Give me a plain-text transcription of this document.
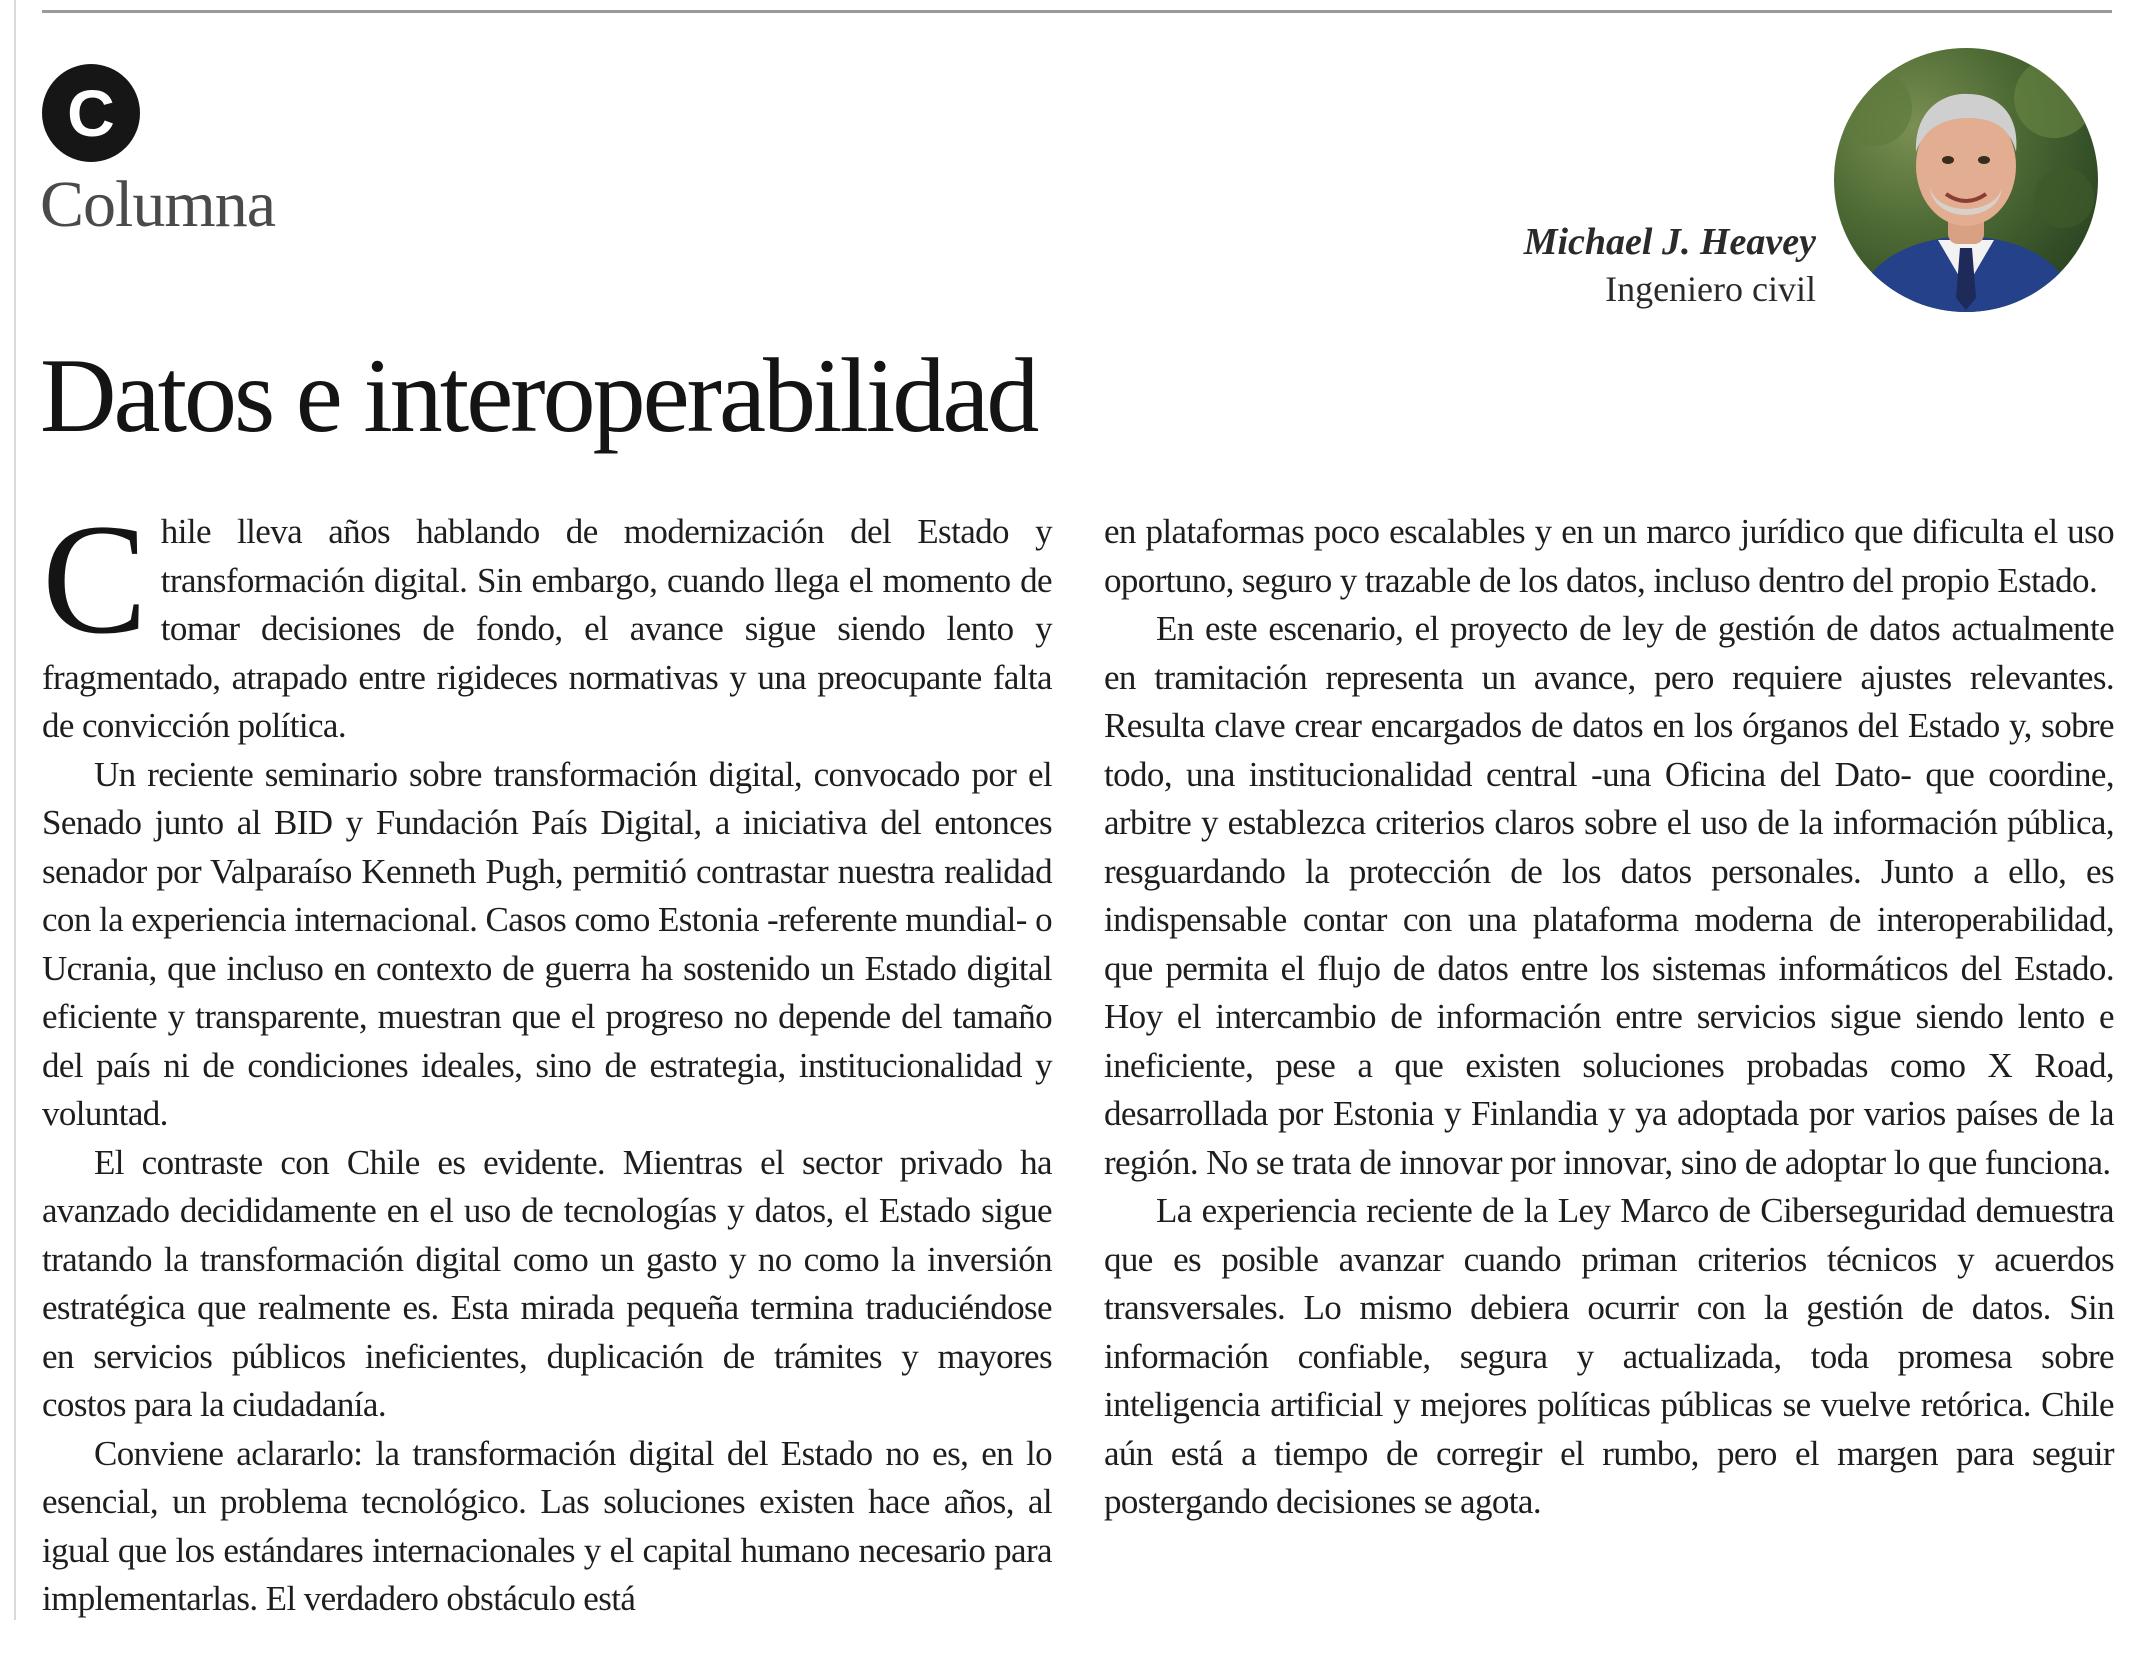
C
Columna
Michael J. Heavey
Ingeniero civil
Datos e interoperabilidad

Chile lleva años hablando de modernización del Estado y transformación digital. Sin embargo, cuando llega el momento de tomar decisiones de fondo, el avance sigue siendo lento y fragmentado, atrapado entre rigideces normativas y una preocupante falta de convicción política.

Un reciente seminario sobre transformación digital, convocado por el Senado junto al BID y Fundación País Digital, a iniciativa del entonces senador por Valparaíso Kenneth Pugh, permitió contrastar nuestra realidad con la experiencia internacional. Casos como Estonia -referente mundial- o Ucrania, que incluso en contexto de guerra ha sostenido un Estado digital eficiente y transparente, muestran que el progreso no depende del tamaño del país ni de condiciones ideales, sino de estrategia, institucionalidad y voluntad.

El contraste con Chile es evidente. Mientras el sector privado ha avanzado decididamente en el uso de tecnologías y datos, el Estado sigue tratando la transformación digital como un gasto y no como la inversión estratégica que realmente es. Esta mirada pequeña termina traduciéndose en servicios públicos ineficientes, duplicación de trámites y mayores costos para la ciudadanía.

Conviene aclararlo: la transformación digital del Estado no es, en lo esencial, un problema tecnológico. Las soluciones existen hace años, al igual que los estándares internacionales y el capital humano necesario para implementarlas. El verdadero obstáculo está

en plataformas poco escalables y en un marco jurídico que dificulta el uso oportuno, seguro y trazable de los datos, incluso dentro del propio Estado.

En este escenario, el proyecto de ley de gestión de datos actualmente en tramitación representa un avance, pero requiere ajustes relevantes. Resulta clave crear encargados de datos en los órganos del Estado y, sobre todo, una institucionalidad central -una Oficina del Dato- que coordine, arbitre y establezca criterios claros sobre el uso de la información pública, resguardando la protección de los datos personales. Junto a ello, es indispensable contar con una plataforma moderna de interoperabilidad, que permita el flujo de datos entre los sistemas informáticos del Estado. Hoy el intercambio de información entre servicios sigue siendo lento e ineficiente, pese a que existen soluciones probadas como X Road, desarrollada por Estonia y Finlandia y ya adoptada por varios países de la región. No se trata de innovar por innovar, sino de adoptar lo que funciona.

La experiencia reciente de la Ley Marco de Ciberseguridad demuestra que es posible avanzar cuando priman criterios técnicos y acuerdos transversales. Lo mismo debiera ocurrir con la gestión de datos. Sin información confiable, segura y actualizada, toda promesa sobre inteligencia artificial y mejores políticas públicas se vuelve retórica. Chile aún está a tiempo de corregir el rumbo, pero el margen para seguir postergando decisiones se agota.
